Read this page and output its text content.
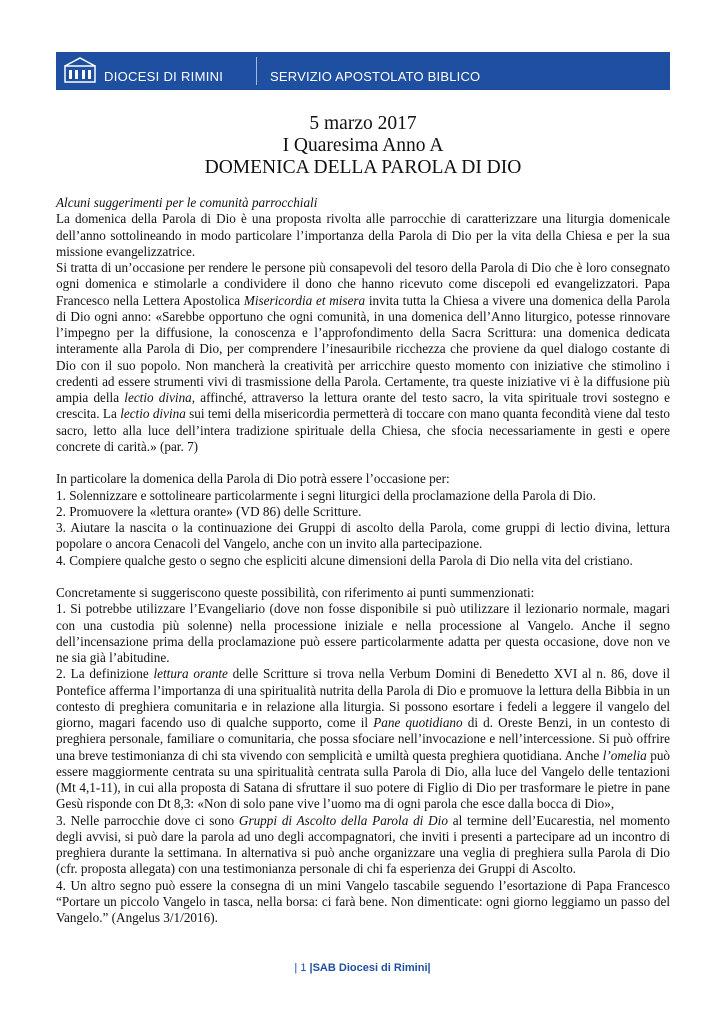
DIOCESI DI RIMINI	SERVIZIO APOSTOLATO BIBLICO
5 marzo 2017
I Quaresima Anno A
DOMENICA DELLA PAROLA DI DIO

Alcuni suggerimenti per le comunità parrocchiali

La domenica della Parola di Dio è una proposta rivolta alle parrocchie di caratterizzare una liturgia domenicale dell’anno sottolineando in modo particolare l’importanza della Parola di Dio per la vita della Chiesa e per la sua missione evangelizzatrice.

Si tratta di un’occasione per rendere le persone più consapevoli del tesoro della Parola di Dio che è loro consegnato ogni domenica e stimolarle a condividere il dono che hanno ricevuto come discepoli ed evangelizzatori. Papa Francesco nella Lettera Apostolica Misericordia et misera invita tutta la Chiesa a vivere una domenica della Parola di Dio ogni anno: «Sarebbe opportuno che ogni comunità, in una domenica dell’Anno liturgico, potesse rinnovare l’impegno per la diffusione, la conoscenza e l’approfondimento della Sacra Scrittura: una domenica dedicata interamente alla Parola di Dio, per comprendere l’inesauribile ricchezza che proviene da quel dialogo costante di Dio con il suo popolo. Non mancherà la creatività per arricchire questo momento con iniziative che stimolino i credenti ad essere strumenti vivi di trasmissione della Parola. Certamente, tra queste iniziative vi è la diffusione più ampia della lectio divina, affinché, attraverso la lettura orante del testo sacro, la vita spirituale trovi sostegno e crescita. La lectio divina sui temi della misericordia permetterà di toccare con mano quanta fecondità viene dal testo sacro, letto alla luce dell’intera tradizione spirituale della Chiesa, che sfocia necessariamente in gesti e opere concrete di carità.» (par. 7)

In particolare la domenica della Parola di Dio potrà essere l’occasione per:

1. Solennizzare e sottolineare particolarmente i segni liturgici della proclamazione della Parola di Dio.

2. Promuovere la «lettura orante» (VD 86) delle Scritture.

3. Aiutare la nascita o la continuazione dei Gruppi di ascolto della Parola, come gruppi di lectio divina, lettura popolare o ancora Cenacoli del Vangelo, anche con un invito alla partecipazione.

4. Compiere qualche gesto o segno che espliciti alcune dimensioni della Parola di Dio nella vita del cristiano.

Concretamente si suggeriscono queste possibilità, con riferimento ai punti summenzionati:

1. Si potrebbe utilizzare l’Evangeliario (dove non fosse disponibile si può utilizzare il lezionario normale, magari con una custodia più solenne) nella processione iniziale e nella processione al Vangelo. Anche il segno dell’incensazione prima della proclamazione può essere particolarmente adatta per questa occasione, dove non ve ne sia già l’abitudine.

2. La definizione lettura orante delle Scritture si trova nella Verbum Domini di Benedetto XVI al n. 86, dove il Pontefice afferma l’importanza di una spiritualità nutrita della Parola di Dio e promuove la lettura della Bibbia in un contesto di preghiera comunitaria e in relazione alla liturgia. Si possono esortare i fedeli a leggere il vangelo del giorno, magari facendo uso di qualche supporto, come il Pane quotidiano di d. Oreste Benzi, in un contesto di preghiera personale, familiare o comunitaria, che possa sfociare nell’invocazione e nell’intercessione. Si può offrire una breve testimonianza di chi sta vivendo con semplicità e umiltà questa preghiera quotidiana. Anche l’omelia può essere maggiormente centrata su una spiritualità centrata sulla Parola di Dio, alla luce del Vangelo delle tentazioni (Mt 4,1-11), in cui alla proposta di Satana di sfruttare il suo potere di Figlio di Dio per trasformare le pietre in pane Gesù risponde con Dt 8,3: «Non di solo pane vive l’uomo ma di ogni parola che esce dalla bocca di Dio»,

3. Nelle parrocchie dove ci sono Gruppi di Ascolto della Parola di Dio al termine dell’Eucarestia, nel momento degli avvisi, si può dare la parola ad uno degli accompagnatori, che inviti i presenti a partecipare ad un incontro di preghiera durante la settimana. In alternativa si può anche organizzare una veglia di preghiera sulla Parola di Dio (cfr. proposta allegata) con una testimonianza personale di chi fa esperienza dei Gruppi di Ascolto.

4. Un altro segno può essere la consegna di un mini Vangelo tascabile seguendo l’esortazione di Papa Francesco “Portare un piccolo Vangelo in tasca, nella borsa: ci farà bene. Non dimenticate: ogni giorno leggiamo un passo del Vangelo.” (Angelus 3/1/2016).

| 1 |SAB Diocesi di Rimini|
